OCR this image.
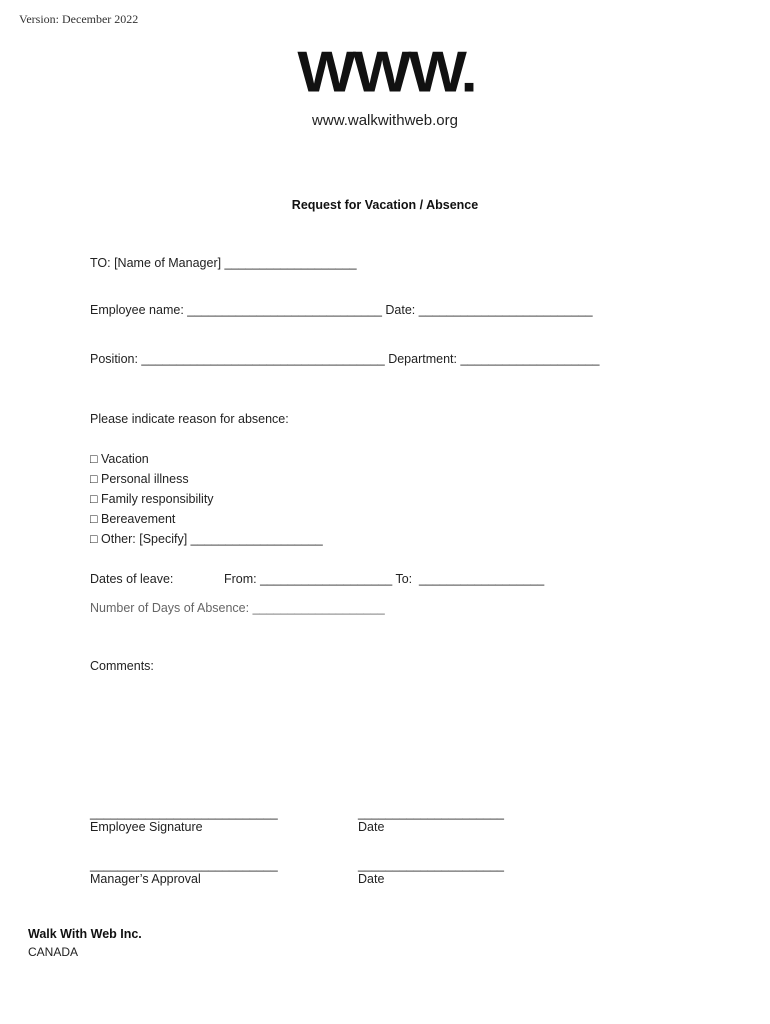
Version: December 2022
WWW.
www.walkwithweb.org
Request for Vacation / Absence
TO: [Name of Manager] ___________________
Employee name: ____________________________ Date: _________________________
Position: ___________________________________ Department: ____________________
Please indicate reason for absence:
□ Vacation
□ Personal illness
□ Family responsibility
□ Bereavement
□ Other: [Specify] ___________________
Dates of leave:	From: ___________________ To:  __________________
Number of Days of Absence: ___________________
Comments:
___________________________
Employee Signature
_____________________
Date
___________________________
Manager’s Approval
_____________________
Date
Walk With Web Inc.
CANADA
